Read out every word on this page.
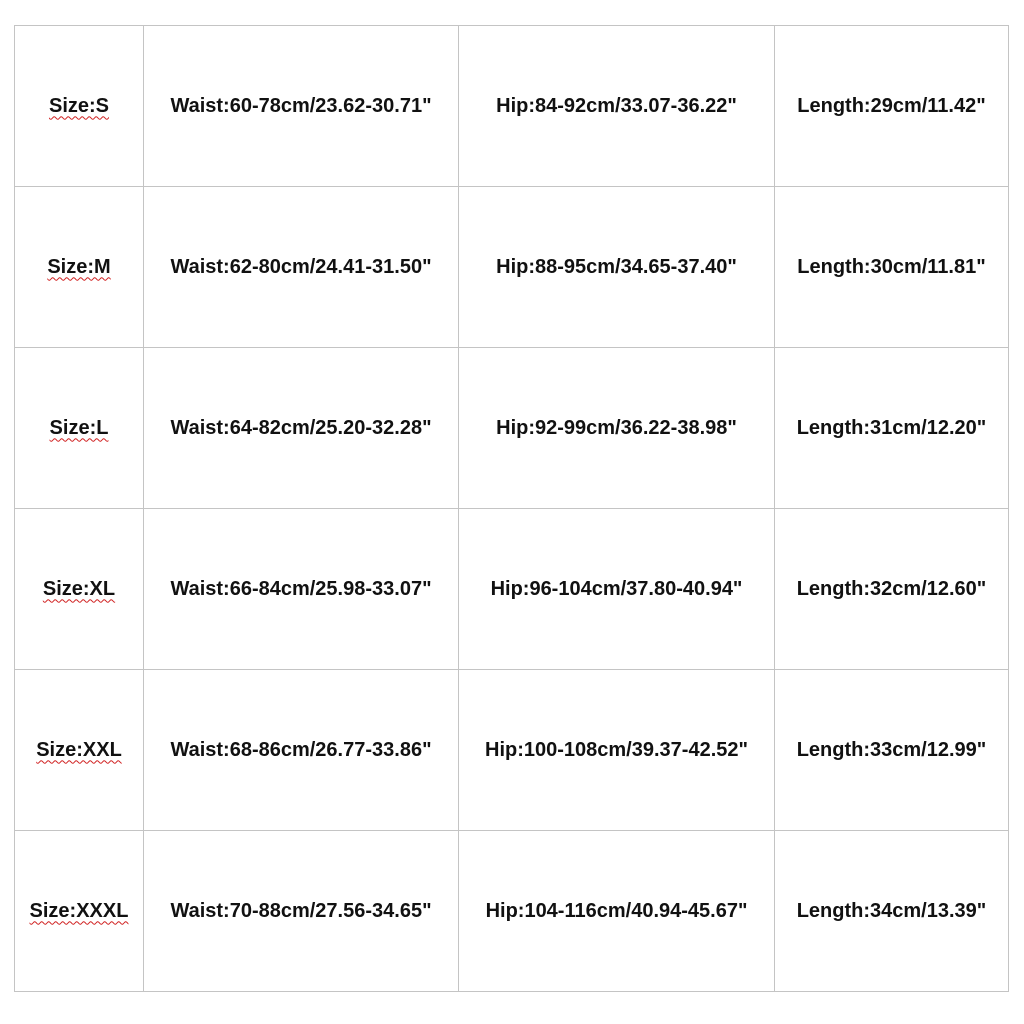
Size:S	Waist:60-78cm/23.62-30.71"	Hip:84-92cm/33.07-36.22"	Length:29cm/11.42"
Size:M	Waist:62-80cm/24.41-31.50"	Hip:88-95cm/34.65-37.40"	Length:30cm/11.81"
Size:L	Waist:64-82cm/25.20-32.28"	Hip:92-99cm/36.22-38.98"	Length:31cm/12.20"
Size:XL	Waist:66-84cm/25.98-33.07"	Hip:96-104cm/37.80-40.94"	Length:32cm/12.60"
Size:XXL	Waist:68-86cm/26.77-33.86"	Hip:100-108cm/39.37-42.52"	Length:33cm/12.99"
Size:XXXL	Waist:70-88cm/27.56-34.65"	Hip:104-116cm/40.94-45.67"	Length:34cm/13.39"
